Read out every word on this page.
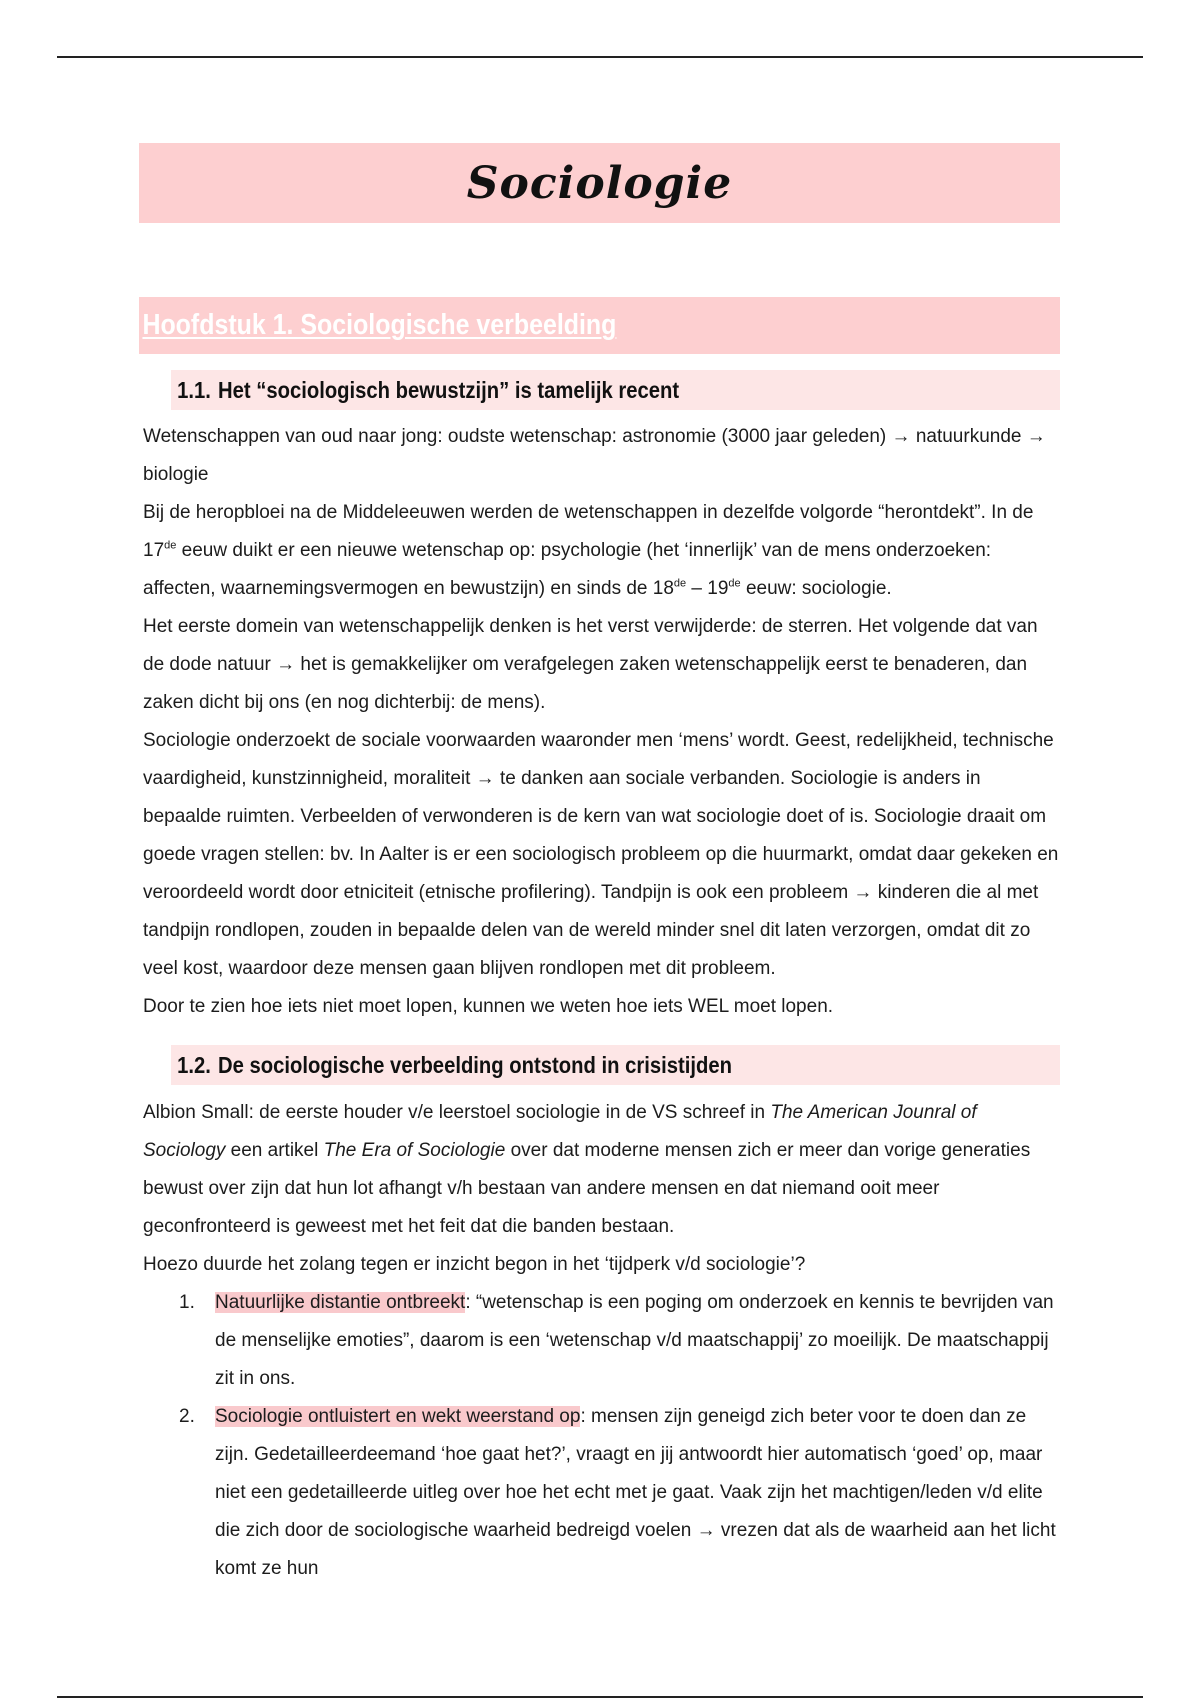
Sociologie
Hoofdstuk 1. Sociologische verbeelding
1.1. Het “sociologisch bewustzijn” is tamelijk recent

Wetenschappen van oud naar jong: oudste wetenschap: astronomie (3000 jaar geleden) → natuurkunde → biologie

Bij de heropbloei na de Middeleeuwen werden de wetenschappen in dezelfde volgorde “herontdekt”. In de 17de eeuw duikt er een nieuwe wetenschap op: psychologie (het ‘innerlijk’ van de mens onderzoeken: affecten, waarnemingsvermogen en bewustzijn) en sinds de 18de – 19de eeuw: sociologie.

Het eerste domein van wetenschappelijk denken is het verst verwijderde: de sterren. Het volgende dat van de dode natuur → het is gemakkelijker om verafgelegen zaken wetenschappelijk eerst te benaderen, dan zaken dicht bij ons (en nog dichterbij: de mens).

Sociologie onderzoekt de sociale voorwaarden waaronder men ‘mens’ wordt. Geest, redelijkheid, technische vaardigheid, kunstzinnigheid, moraliteit → te danken aan sociale verbanden. Sociologie is anders in bepaalde ruimten. Verbeelden of verwonderen is de kern van wat sociologie doet of is. Sociologie draait om goede vragen stellen: bv. In Aalter is er een sociologisch probleem op die huurmarkt, omdat daar gekeken en veroordeeld wordt door etniciteit (etnische profilering). Tandpijn is ook een probleem → kinderen die al met tandpijn rondlopen, zouden in bepaalde delen van de wereld minder snel dit laten verzorgen, omdat dit zo veel kost, waardoor deze mensen gaan blijven rondlopen met dit probleem.

Door te zien hoe iets niet moet lopen, kunnen we weten hoe iets WEL moet lopen.

1.2. De sociologische verbeelding ontstond in crisistijden

Albion Small: de eerste houder v/e leerstoel sociologie in de VS schreef in The American Jounral of Sociology een artikel The Era of Sociologie over dat moderne mensen zich er meer dan vorige generaties bewust over zijn dat hun lot afhangt v/h bestaan van andere mensen en dat niemand ooit meer geconfronteerd is geweest met het feit dat die banden bestaan.

Hoezo duurde het zolang tegen er inzicht begon in het ‘tijdperk v/d sociologie’?

1.	Natuurlijke distantie ontbreekt: “wetenschap is een poging om onderzoek en kennis te bevrijden van de menselijke emoties”, daarom is een ‘wetenschap v/d maatschappij’ zo moeilijk. De maatschappij zit in ons.
2.	Sociologie ontluistert en wekt weerstand op: mensen zijn geneigd zich beter voor te doen dan ze zijn. Gedetailleerdeemand ‘hoe gaat het?’, vraagt en jij antwoordt hier automatisch ‘goed’ op, maar niet een gedetailleerde uitleg over hoe het echt met je gaat. Vaak zijn het machtigen/leden v/d elite die zich door de sociologische waarheid bedreigd voelen → vrezen dat als de waarheid aan het licht komt ze hun
